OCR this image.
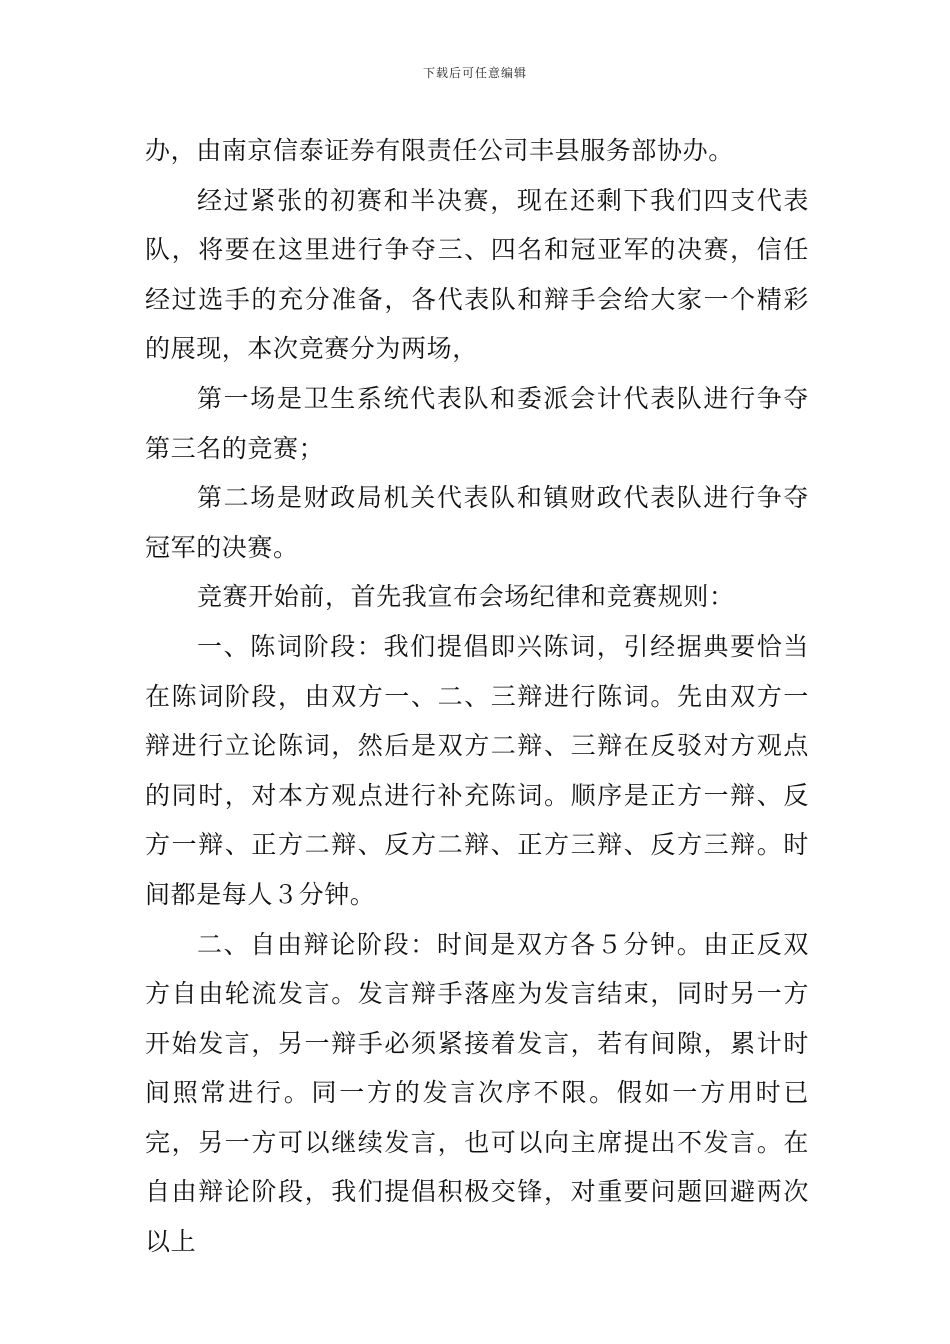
下载后可任意编辑

办，由南京信泰证券有限责任公司丰县服务部协办。

经过紧张的初赛和半决赛，现在还剩下我们四支代表队，将要在这里进行争夺三、四名和冠亚军的决赛，信任经过选手的充分准备，各代表队和辩手会给大家一个精彩的展现，本次竞赛分为两场，

第一场是卫生系统代表队和委派会计代表队进行争夺第三名的竞赛；

第二场是财政局机关代表队和镇财政代表队进行争夺冠军的决赛。

竞赛开始前，首先我宣布会场纪律和竞赛规则：

一、陈词阶段：我们提倡即兴陈词，引经据典要恰当在陈词阶段，由双方一、二、三辩进行陈词。先由双方一辩进行立论陈词，然后是双方二辩、三辩在反驳对方观点的同时，对本方观点进行补充陈词。顺序是正方一辩、反方一辩、正方二辩、反方二辩、正方三辩、反方三辩。时间都是每人３分钟。

二、自由辩论阶段：时间是双方各５分钟。由正反双方自由轮流发言。发言辩手落座为发言结束，同时另一方开始发言，另一辩手必须紧接着发言，若有间隙，累计时间照常进行。同一方的发言次序不限。假如一方用时已完，另一方可以继续发言，也可以向主席提出不发言。在自由辩论阶段，我们提倡积极交锋，对重要问题回避两次以上
